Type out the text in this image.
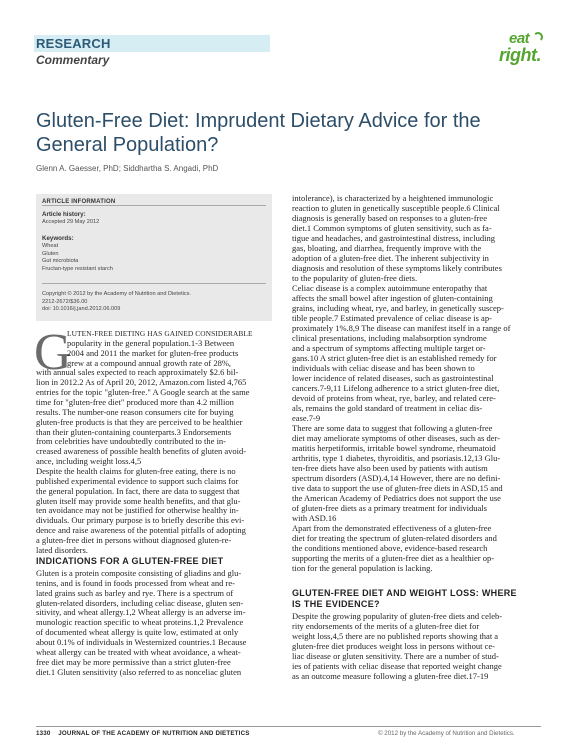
RESEARCH
Commentary
eat
right.
Gluten-Free Diet: Imprudent Dietary Advice for the
General Population?
Glenn A. Gaesser, PhD; Siddhartha S. Angadi, PhD
ARTICLE INFORMATION
Article history:
Accepted 29 May 2012
Keywords:
Wheat
Gluten
Gut microbiota
Fructan-type resistant starch
Copyright © 2012 by the Academy of Nutrition and Dietetics.
2212-2672/$36.00
doi: 10.1016/j.jand.2012.06.009
G
LUTEN-FREE DIETING HAS GAINED CONSIDERABLE
popularity in the general population.1-3 Between
2004 and 2011 the market for gluten-free products
grew at a compound annual growth rate of 28%,
with annual sales expected to reach approximately $2.6 bil-
lion in 2012.2 As of April 20, 2012, Amazon.com listed 4,765
entries for the topic "gluten-free." A Google search at the same
time for "gluten-free diet" produced more than 4.2 million
results. The number-one reason consumers cite for buying
gluten-free products is that they are perceived to be healthier
than their gluten-containing counterparts.3 Endorsements
from celebrities have undoubtedly contributed to the in-
creased awareness of possible health benefits of gluten avoid-
ance, including weight loss.4,5
Despite the health claims for gluten-free eating, there is no
published experimental evidence to support such claims for
the general population. In fact, there are data to suggest that
gluten itself may provide some health benefits, and that glu-
ten avoidance may not be justified for otherwise healthy in-
dividuals. Our primary purpose is to briefly describe this evi-
dence and raise awareness of the potential pitfalls of adopting
a gluten-free diet in persons without diagnosed gluten-re-
lated disorders.
INDICATIONS FOR A GLUTEN-FREE DIET
Gluten is a protein composite consisting of gliadins and glu-
tenins, and is found in foods processed from wheat and re-
lated grains such as barley and rye. There is a spectrum of
gluten-related disorders, including celiac disease, gluten sen-
sitivity, and wheat allergy.1,2 Wheat allergy is an adverse im-
munologic reaction specific to wheat proteins.1,2 Prevalence
of documented wheat allergy is quite low, estimated at only
about 0.1% of individuals in Westernized countries.1 Because
wheat allergy can be treated with wheat avoidance, a wheat-
free diet may be more permissive than a strict gluten-free
diet.1 Gluten sensitivity (also referred to as nonceliac gluten
intolerance), is characterized by a heightened immunologic
reaction to gluten in genetically susceptible people.6 Clinical
diagnosis is generally based on responses to a gluten-free
diet.1 Common symptoms of gluten sensitivity, such as fa-
tigue and headaches, and gastrointestinal distress, including
gas, bloating, and diarrhea, frequently improve with the
adoption of a gluten-free diet. The inherent subjectivity in
diagnosis and resolution of these symptoms likely contributes
to the popularity of gluten-free diets.
Celiac disease is a complex autoimmune enteropathy that
affects the small bowel after ingestion of gluten-containing
grains, including wheat, rye, and barley, in genetically suscep-
tible people.7 Estimated prevalence of celiac disease is ap-
proximately 1%.8,9 The disease can manifest itself in a range of
clinical presentations, including malabsorption syndrome
and a spectrum of symptoms affecting multiple target or-
gans.10 A strict gluten-free diet is an established remedy for
individuals with celiac disease and has been shown to
lower incidence of related diseases, such as gastrointestinal
cancers.7-9,11 Lifelong adherence to a strict gluten-free diet,
devoid of proteins from wheat, rye, barley, and related cere-
als, remains the gold standard of treatment in celiac dis-
ease.7-9
There are some data to suggest that following a gluten-free
diet may ameliorate symptoms of other diseases, such as der-
matitis herpetiformis, irritable bowel syndrome, rheumatoid
arthritis, type 1 diabetes, thyroiditis, and psoriasis.12,13 Glu-
ten-free diets have also been used by patients with autism
spectrum disorders (ASD).4,14 However, there are no defini-
tive data to support the use of gluten-free diets in ASD,15 and
the American Academy of Pediatrics does not support the use
of gluten-free diets as a primary treatment for individuals
with ASD.16
Apart from the demonstrated effectiveness of a gluten-free
diet for treating the spectrum of gluten-related disorders and
the conditions mentioned above, evidence-based research
supporting the merits of a gluten-free diet as a healthier op-
tion for the general population is lacking.
GLUTEN-FREE DIET AND WEIGHT LOSS: WHERE
IS THE EVIDENCE?
Despite the growing popularity of gluten-free diets and celeb-
rity endorsements of the merits of a gluten-free diet for
weight loss,4,5 there are no published reports showing that a
gluten-free diet produces weight loss in persons without ce-
liac disease or gluten sensitivity. There are a number of stud-
ies of patients with celiac disease that reported weight change
as an outcome measure following a gluten-free diet.17-19
1330 JOURNAL OF THE ACADEMY OF NUTRITION AND DIETETICS	© 2012 by the Academy of Nutrition and Dietetics.
